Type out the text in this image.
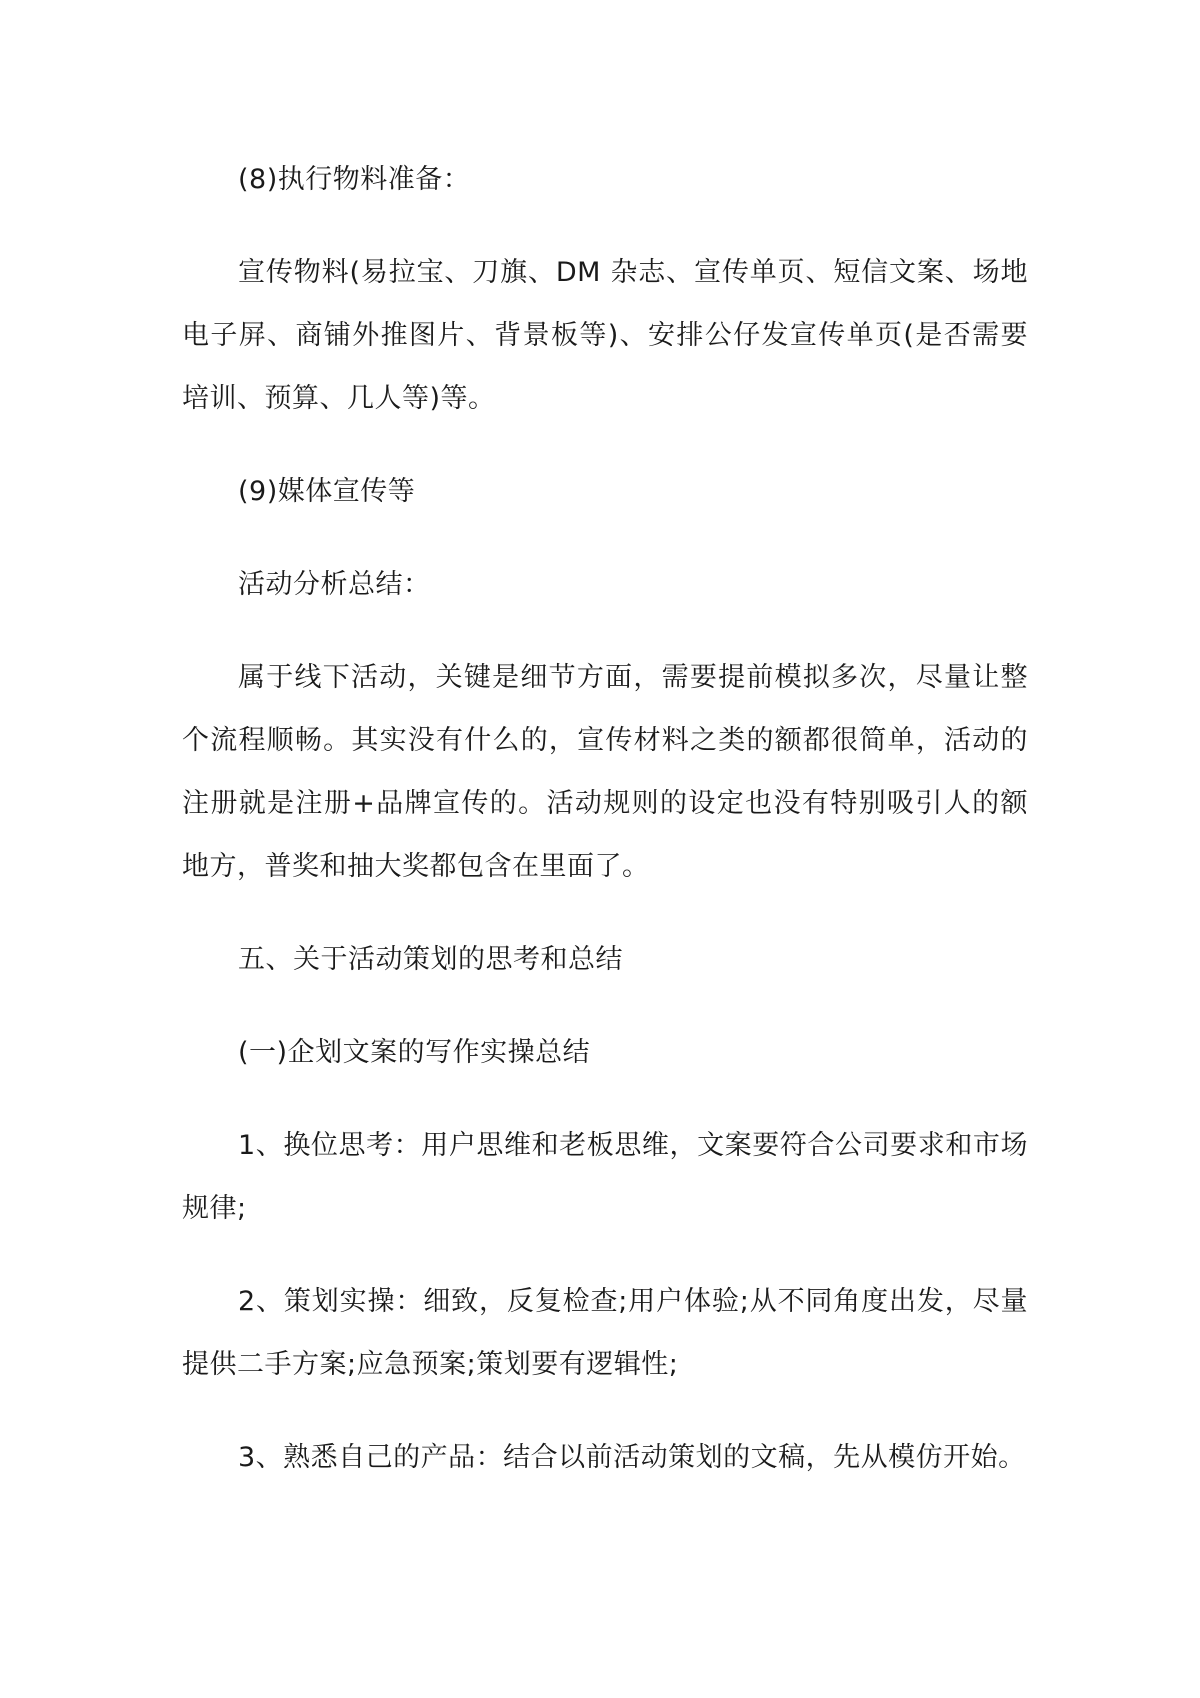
(8)执行物料准备：

宣传物料(易拉宝、刀旗、DM 杂志、宣传单页、短信文案、场地电子屏、商铺外推图片、背景板等)、安排公仔发宣传单页(是否需要培训、预算、几人等)等。

(9)媒体宣传等

活动分析总结：

属于线下活动，关键是细节方面，需要提前模拟多次，尽量让整个流程顺畅。其实没有什么的，宣传材料之类的额都很简单，活动的注册就是注册+品牌宣传的。活动规则的设定也没有特别吸引人的额地方，普奖和抽大奖都包含在里面了。

五、关于活动策划的思考和总结

(一)企划文案的写作实操总结

1、换位思考：用户思维和老板思维，文案要符合公司要求和市场规律;

2、策划实操：细致，反复检查;用户体验;从不同角度出发，尽量提供二手方案;应急预案;策划要有逻辑性;

3、熟悉自己的产品：结合以前活动策划的文稿，先从模仿开始。
